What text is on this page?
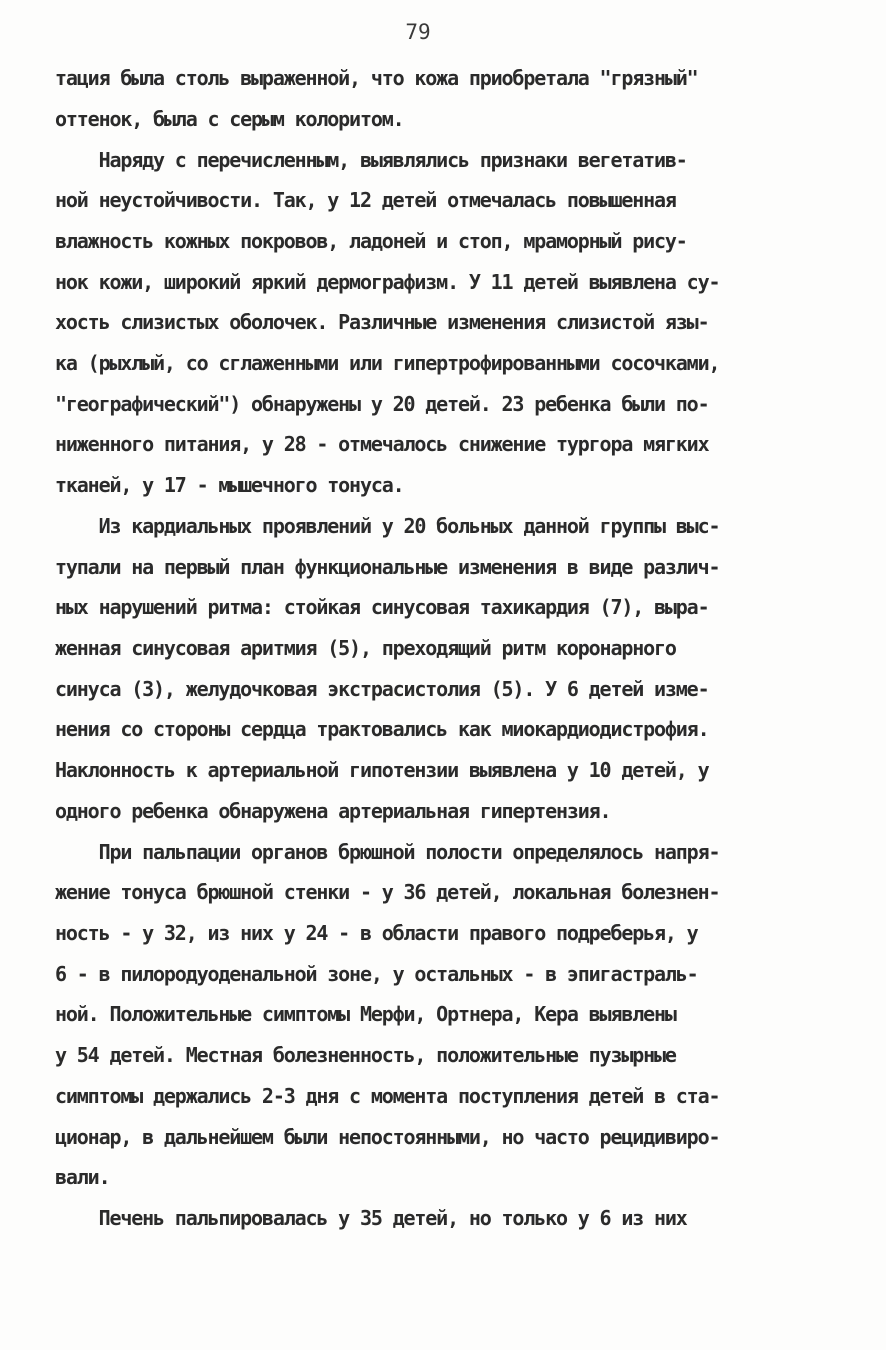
79
тация была столь выраженной, что кожа приобретала "грязный"
оттенок, была с серым колоритом.
Наряду с перечисленным, выявлялись признаки вегетатив-
ной неустойчивости. Так, у 12 детей отмечалась повышенная
влажность кожных покровов, ладоней и стоп, мраморный рису-
нок кожи, широкий яркий дермографизм. У 11 детей выявлена су-
хость слизистых оболочек. Различные изменения слизистой язы-
ка (рыхлый, со сглаженными или гипертрофированными сосочками,
"географический") обнаружены у 20 детей. 23 ребенка были по-
ниженного питания, у 28 - отмечалось снижение тургора мягких
тканей, у 17 - мышечного тонуса.
Из кардиальных проявлений у 20 больных данной группы выс-
тупали на первый план функциональные изменения в виде различ-
ных нарушений ритма: стойкая синусовая тахикардия (7), выра-
женная синусовая аритмия (5), преходящий ритм коронарного
синуса (3), желудочковая экстрасистолия (5). У 6 детей изме-
нения со стороны сердца трактовались как миокардиодистрофия.
Наклонность к артериальной гипотензии выявлена у 10 детей, у
одного ребенка обнаружена артериальная гипертензия.
При пальпации органов брюшной полости определялось напря-
жение тонуса брюшной стенки - у 36 детей, локальная болезнен-
ность - у 32, из них у 24 - в области правого подреберья, у
6 - в пилородуоденальной зоне, у остальных - в эпигастраль-
ной. Положительные симптомы Мерфи, Ортнера, Кера выявлены
у 54 детей. Местная болезненность, положительные пузырные
симптомы держались 2-3 дня с момента поступления детей в ста-
ционар, в дальнейшем были непостоянными, но часто рецидивиро-
вали.
Печень пальпировалась у 35 детей, но только у 6 из них
